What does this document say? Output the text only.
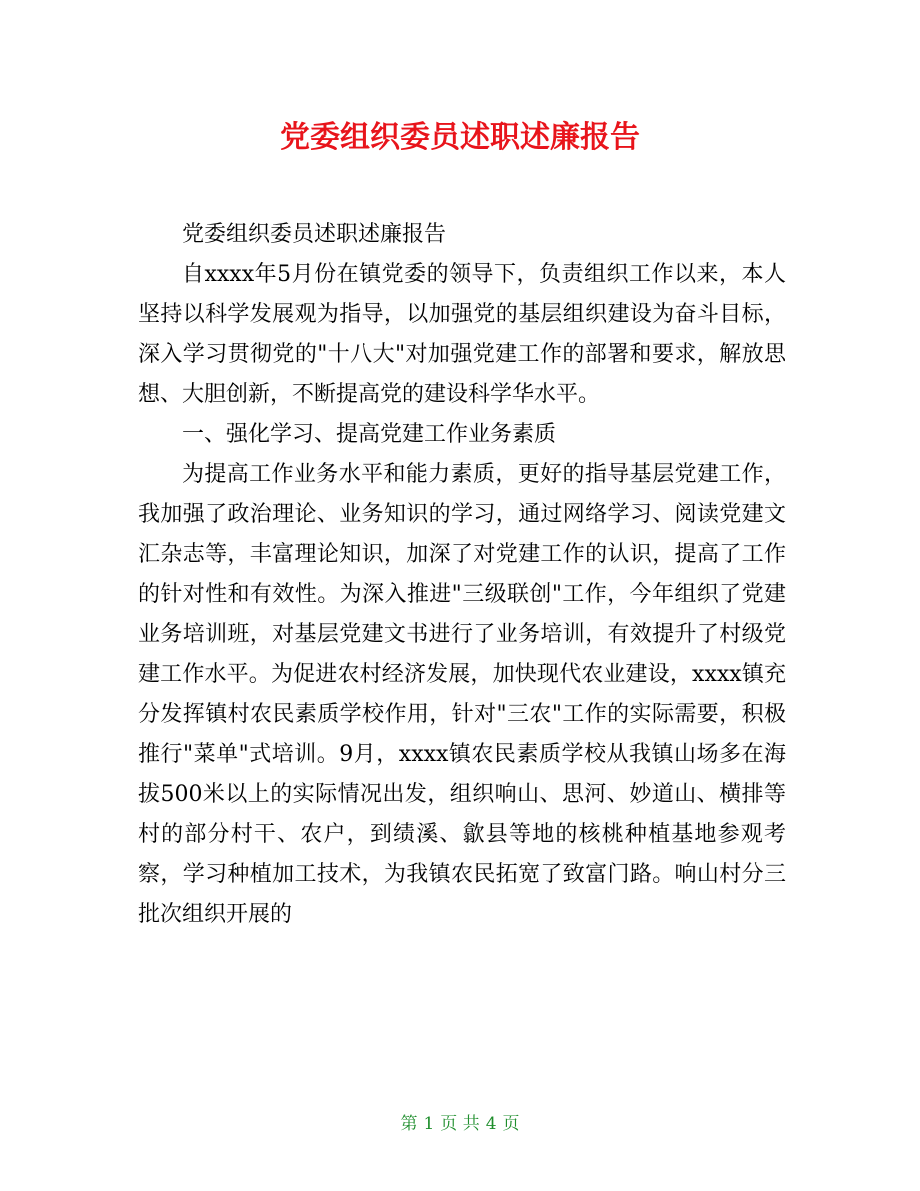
党委组织委员述职述廉报告

党委组织委员述职述廉报告

自xxxx年5月份在镇党委的领导下，负责组织工作以来，本人坚持以科学发展观为指导，以加强党的基层组织建设为奋斗目标，深入学习贯彻党的"十八大"对加强党建工作的部署和要求，解放思想、大胆创新，不断提高党的建设科学华水平。

一、强化学习、提高党建工作业务素质

为提高工作业务水平和能力素质，更好的指导基层党建工作，我加强了政治理论、业务知识的学习，通过网络学习、阅读党建文汇杂志等，丰富理论知识，加深了对党建工作的认识，提高了工作的针对性和有效性。为深入推进"三级联创"工作，今年组织了党建业务培训班，对基层党建文书进行了业务培训，有效提升了村级党建工作水平。为促进农村经济发展，加快现代农业建设，xxxx镇充分发挥镇村农民素质学校作用，针对"三农"工作的实际需要，积极推行"菜单"式培训。9月，xxxx镇农民素质学校从我镇山场多在海拔500米以上的实际情况出发，组织响山、思河、妙道山、横排等村的部分村干、农户，到绩溪、歙县等地的核桃种植基地参观考察，学习种植加工技术，为我镇农民拓宽了致富门路。响山村分三批次组织开展的

第 1 页 共 4 页
